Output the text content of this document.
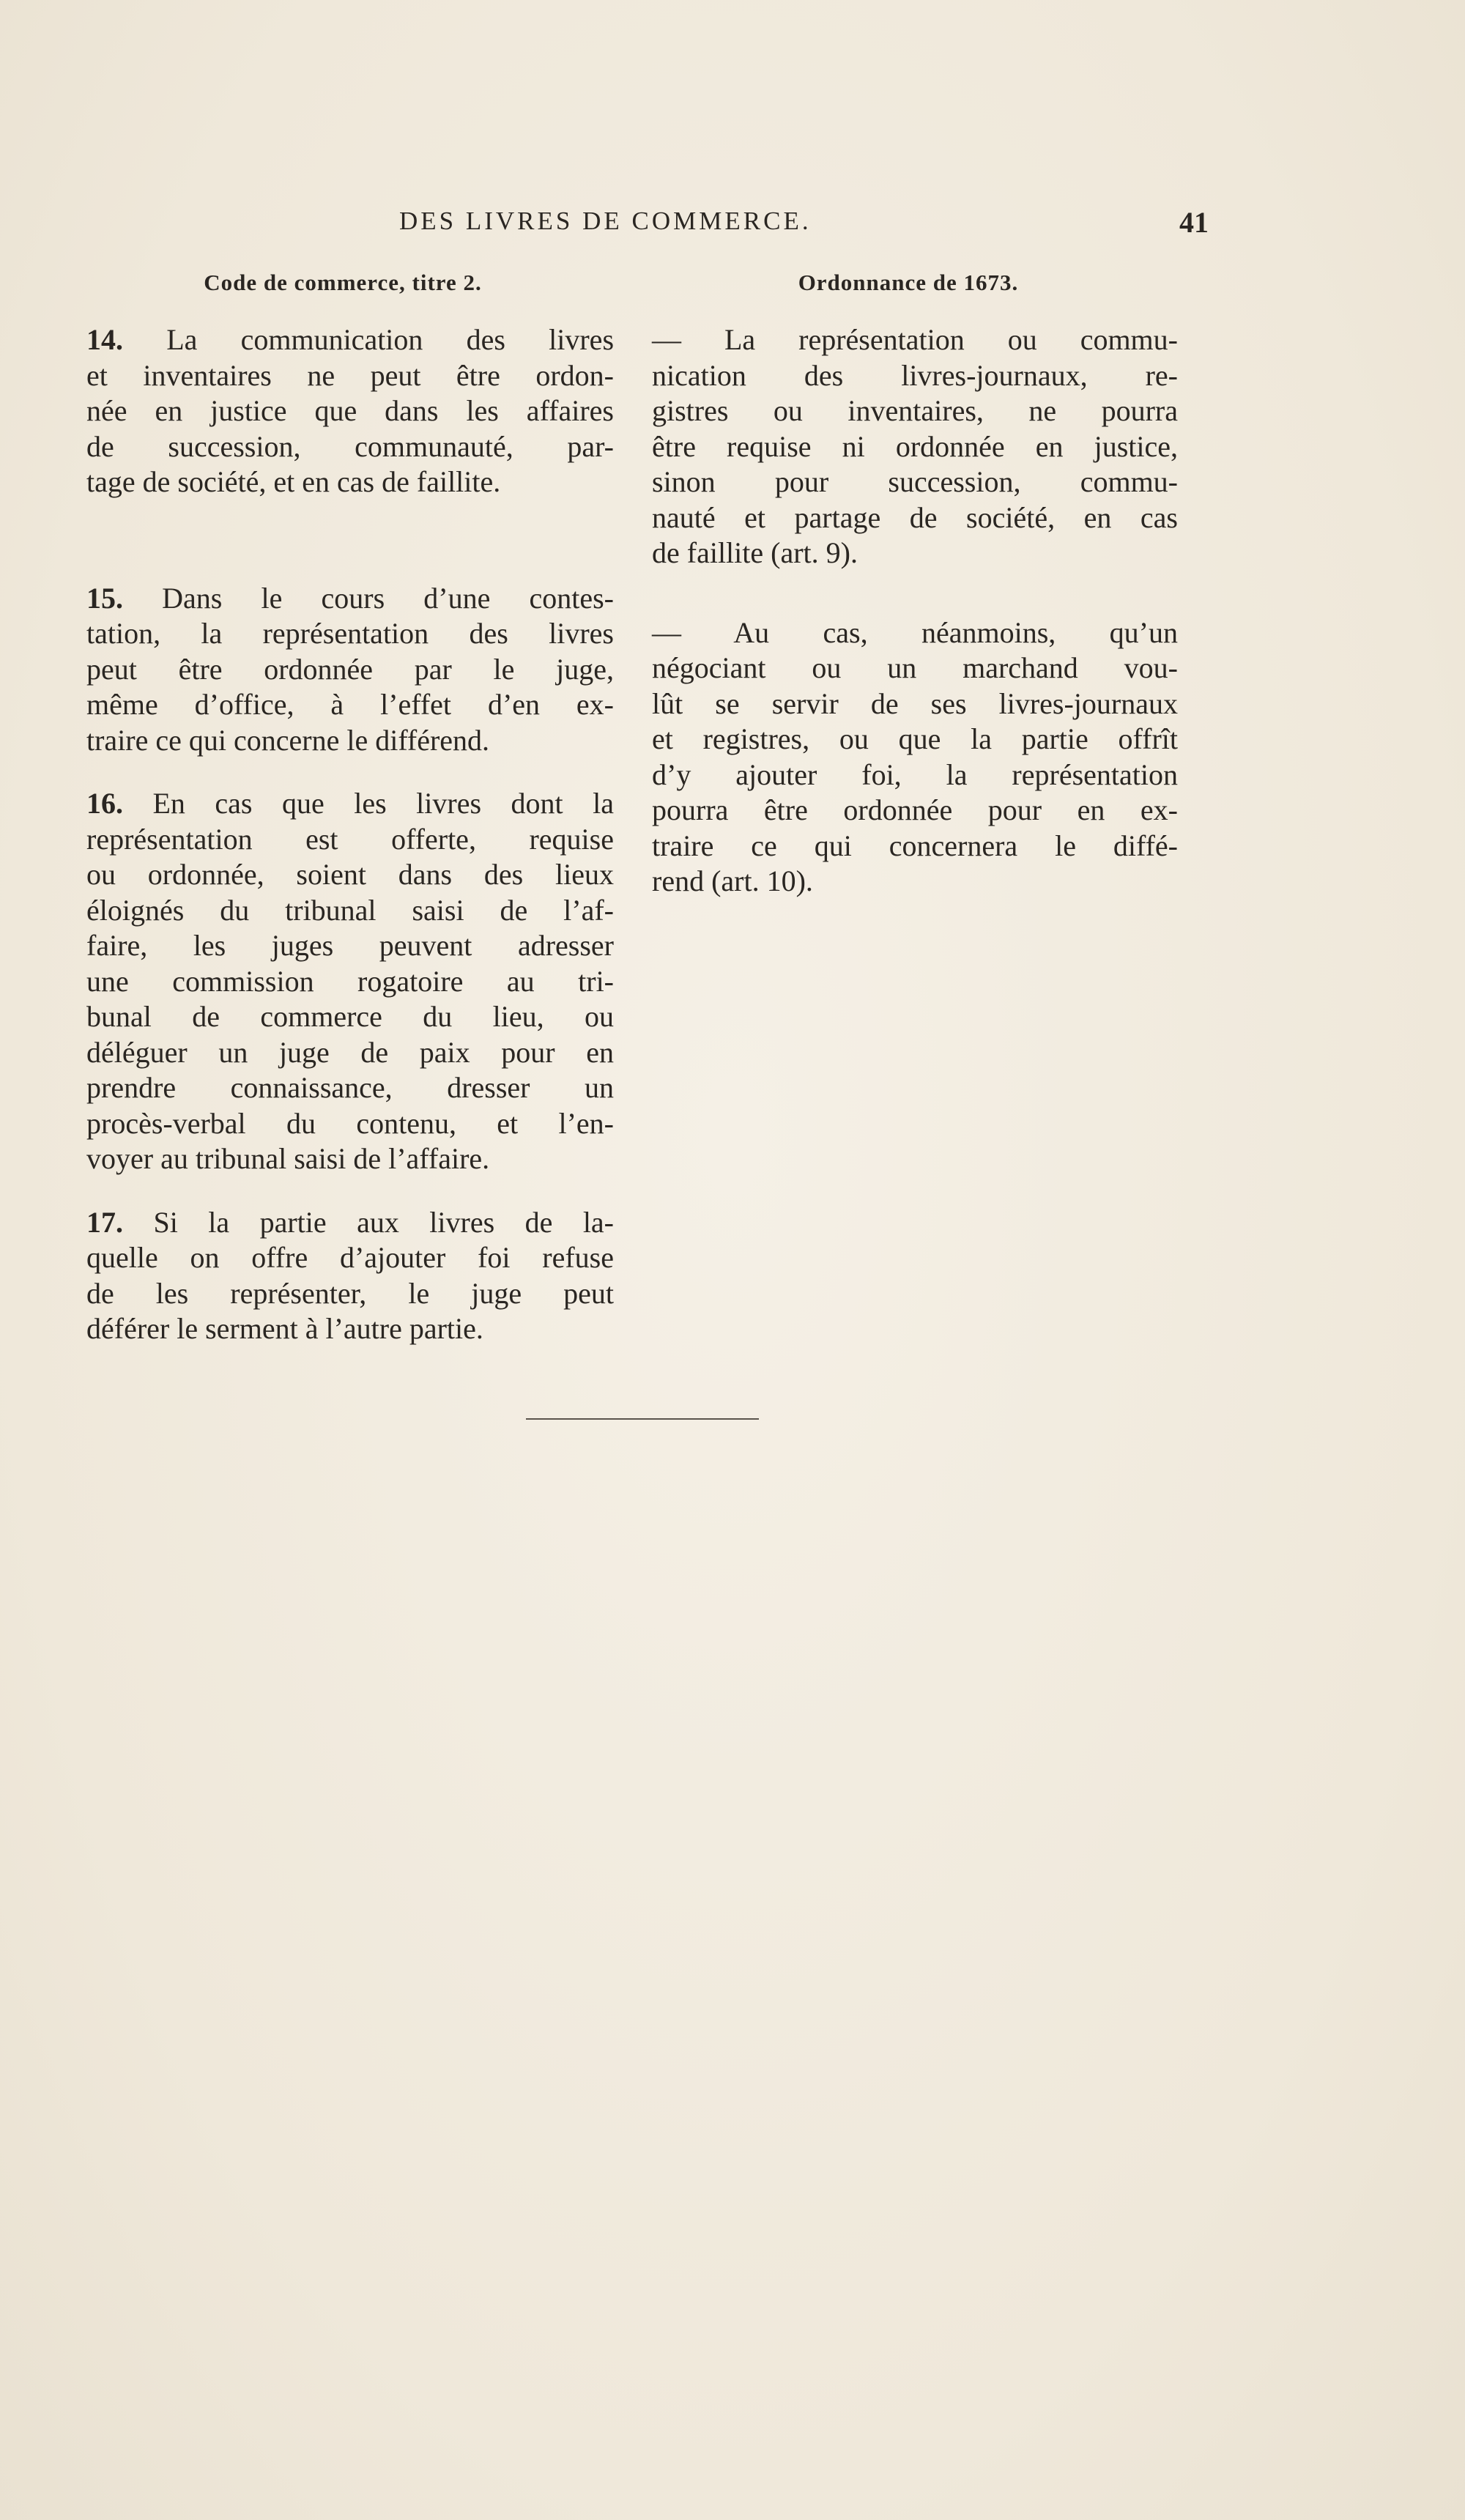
DES LIVRES DE COMMERCE.	41
Code de commerce, titre 2.	Ordonnance de 1673.
14. La communication des livres
et inventaires ne peut être ordon-
née en justice que dans les affaires
de succession, communauté, par-
tage de société, et en cas de faillite.
15. Dans le cours d’une contes-
tation, la représentation des livres
peut être ordonnée par le juge,
même d’office, à l’effet d’en ex-
traire ce qui concerne le différend.
16. En cas que les livres dont la
représentation est offerte, requise
ou ordonnée, soient dans des lieux
éloignés du tribunal saisi de l’af-
faire, les juges peuvent adresser
une commission rogatoire au tri-
bunal de commerce du lieu, ou
déléguer un juge de paix pour en
prendre connaissance, dresser un
procès-verbal du contenu, et l’en-
voyer au tribunal saisi de l’affaire.
17. Si la partie aux livres de la-
quelle on offre d’ajouter foi refuse
de les représenter, le juge peut
déférer le serment à l’autre partie.
— La représentation ou commu-
nication des livres-journaux, re-
gistres ou inventaires, ne pourra
être requise ni ordonnée en justice,
sinon pour succession, commu-
nauté et partage de société, en cas
de faillite (art. 9).
— Au cas, néanmoins, qu’un
négociant ou un marchand vou-
lût se servir de ses livres-journaux
et registres, ou que la partie offrît
d’y ajouter foi, la représentation
pourra être ordonnée pour en ex-
traire ce qui concernera le diffé-
rend (art. 10).
